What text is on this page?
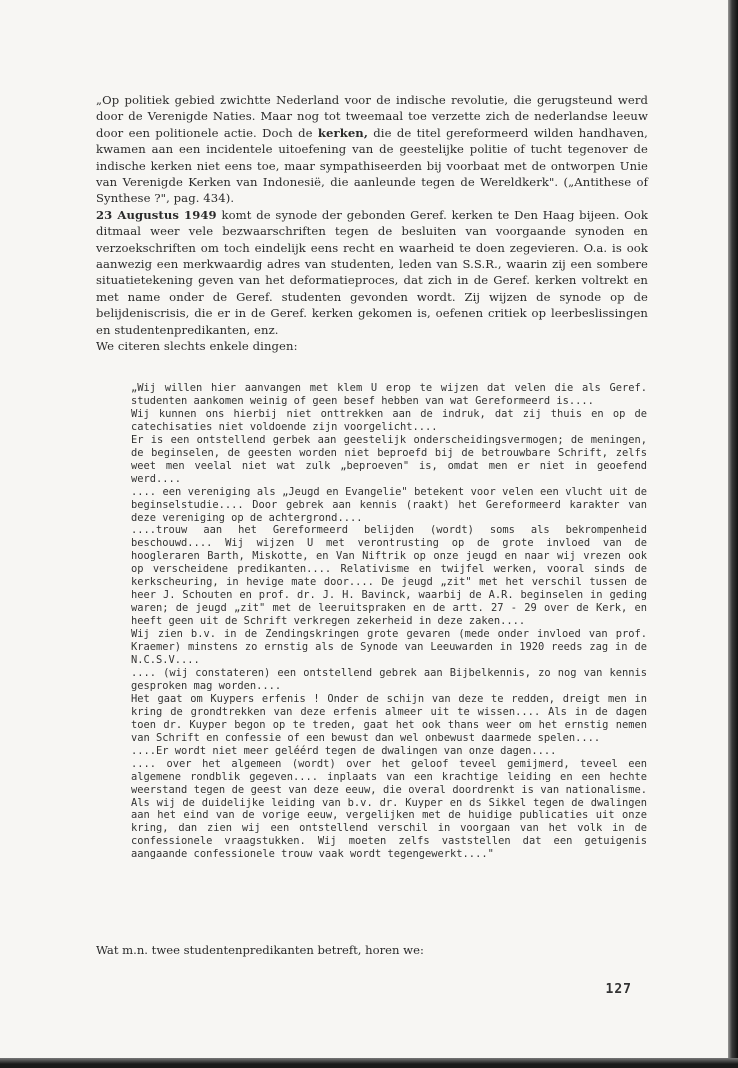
„Op politiek gebied zwichtte Nederland voor de indische revolutie, die gerugsteund werd door de Verenigde Naties. Maar nog tot tweemaal toe verzette zich de nederlandse leeuw door een politionele actie. Doch de kerken, die de titel gereformeerd wilden handhaven, kwamen aan een incidentele uitoefening van de geestelijke politie of tucht tegenover de indische kerken niet eens toe, maar sympathiseerden bij voorbaat met de ontworpen Unie van Verenigde Kerken van Indonesië, die aanleunde tegen de Wereldkerk". („Antithese of Synthese ?", pag. 434).

23 Augustus 1949 komt de synode der gebonden Geref. kerken te Den Haag bijeen. Ook ditmaal weer vele bezwaarschriften tegen de besluiten van voorgaande synoden en verzoekschriften om toch eindelijk eens recht en waarheid te doen zegevieren. O.a. is ook aanwezig een merkwaardig adres van studenten, leden van S.S.R., waarin zij een sombere situatietekening geven van het deformatieproces, dat zich in de Geref. kerken voltrekt en met name onder de Geref. studenten gevonden wordt. Zij wijzen de synode op de belijdeniscrisis, die er in de Geref. kerken gekomen is, oefenen critiek op leerbeslissingen en studentenpredikanten, enz.

We citeren slechts enkele dingen:

„Wij willen hier aanvangen met klem U erop te wijzen dat velen die als Geref. studenten aankomen weinig of geen besef hebben van wat Gereformeerd is....

Wij kunnen ons hierbij niet onttrekken aan de indruk, dat zij thuis en op de catechisaties niet voldoende zijn voorgelicht....

Er is een ontstellend gerbek aan geestelijk onderscheidingsvermogen; de meningen, de beginselen, de geesten worden niet beproefd bij de betrouwbare Schrift, zelfs weet men veelal niet wat zulk „beproeven" is, omdat men er niet in geoefend werd....

.... een vereniging als „Jeugd en Evangelie" betekent voor velen een vlucht uit de beginselstudie.... Door gebrek aan kennis (raakt) het Gereformeerd karakter van deze vereniging op de achtergrond....

....trouw aan het Gereformeerd belijden (wordt) soms als bekrompenheid beschouwd.... Wij wijzen U met verontrusting op de grote invloed van de hoogleraren Barth, Miskotte, en Van Niftrik op onze jeugd en naar wij vrezen ook op verscheidene predikanten.... Relativisme en twijfel werken, vooral sinds de kerkscheuring, in hevige mate door.... De jeugd „zit" met het verschil tussen de heer J. Schouten en prof. dr. J. H. Bavinck, waarbij de A.R. beginselen in geding waren; de jeugd „zit" met de leeruitspraken en de artt. 27 - 29 over de Kerk, en heeft geen uit de Schrift verkregen zekerheid in deze zaken....

Wij zien b.v. in de Zendingskringen grote gevaren (mede onder invloed van prof. Kraemer) minstens zo ernstig als de Synode van Leeuwarden in 1920 reeds zag in de N.C.S.V....

.... (wij constateren) een ontstellend gebrek aan Bijbelkennis, zo nog van kennis gesproken mag worden....

Het gaat om Kuypers erfenis ! Onder de schijn van deze te redden, dreigt men in kring de grondtrekken van deze erfenis almeer uit te wissen.... Als in de dagen toen dr. Kuyper begon op te treden, gaat het ook thans weer om het ernstig nemen van Schrift en confessie of een bewust dan wel onbewust daarmede spelen....

....Er wordt niet meer geléérd tegen de dwalingen van onze dagen....

.... over het algemeen (wordt) over het geloof teveel gemijmerd, teveel een algemene rondblik gegeven.... inplaats van een krachtige leiding en een hechte weerstand tegen de geest van deze eeuw, die overal doordrenkt is van nationalisme. Als wij de duidelijke leiding van b.v. dr. Kuyper en ds Sikkel tegen de dwalingen aan het eind van de vorige eeuw, vergelijken met de huidige publicaties uit onze kring, dan zien wij een ontstellend verschil in voorgaan van het volk in de confessionele vraagstukken. Wij moeten zelfs vaststellen dat een getuigenis aangaande confessionele trouw vaak wordt tegengewerkt...."

Wat m.n. twee studentenpredikanten betreft, horen we:
127
